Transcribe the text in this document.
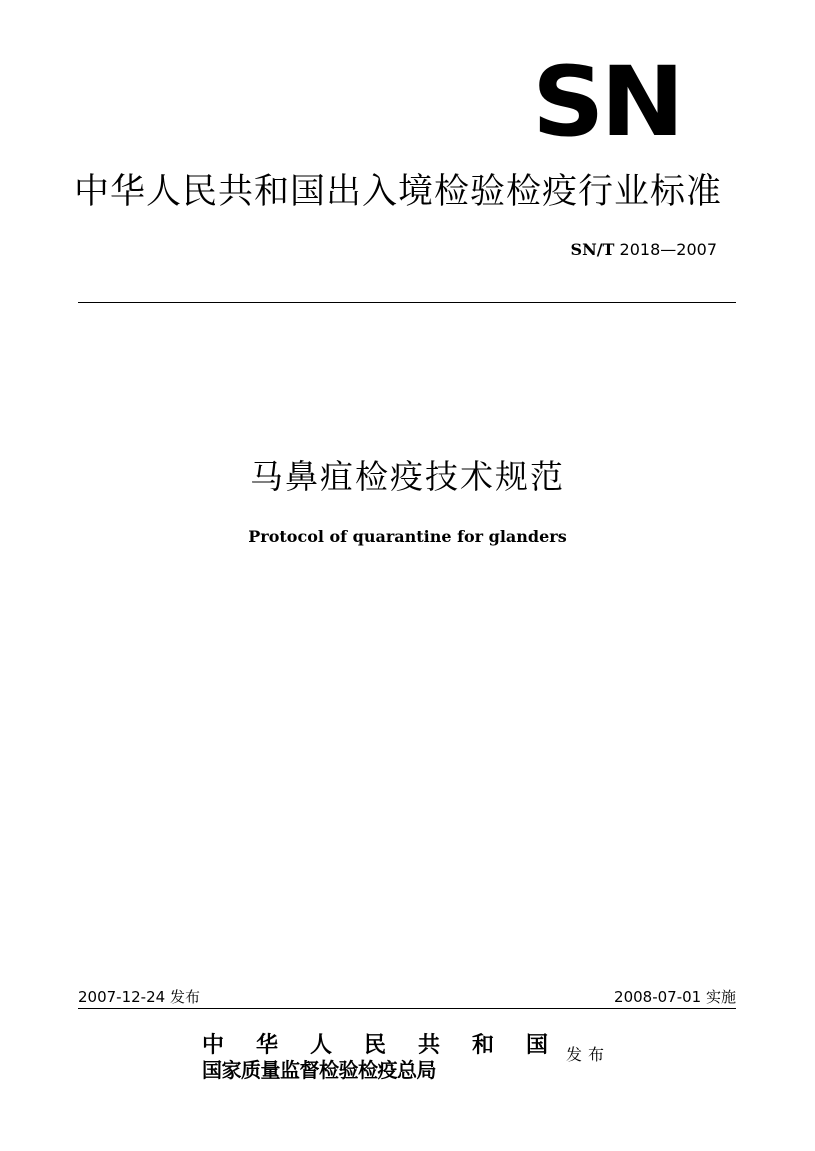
SN
中华人民共和国出入境检验检疫行业标准
SN/T 2018—2007
马鼻疽检疫技术规范
Protocol of quarantine for glanders
2007-12-24 发布	2008-07-01 实施
中 华 人 民 共 和 国
国家质量监督检验检疫总局
发布
